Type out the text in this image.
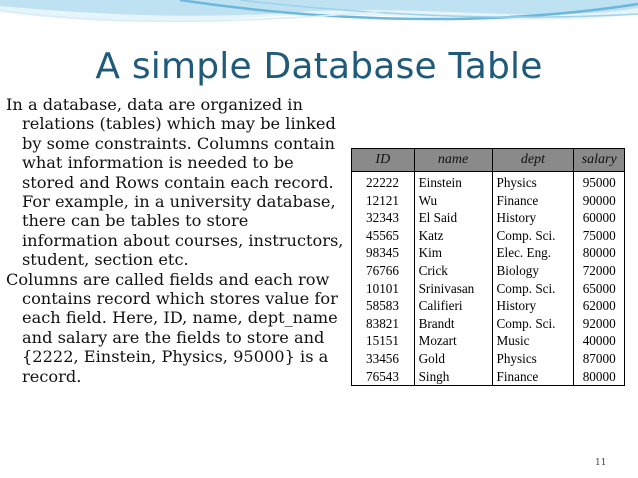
A simple Database Table

In a database, data are organized in relations (tables) which may be linked by some constraints. Columns contain what information is needed to be stored and Rows contain each record. For example, in a university database, there can be tables to store information about courses, instructors, student, section etc.

Columns are called fields and each row contains record which stores value for each field. Here, ID, name, dept_name and salary are the fields to store and {2222, Einstein, Physics, 95000} is a record.

ID	name	dept	salary
22222	Einstein	Physics	95000
12121	Wu	Finance	90000
32343	El Said	History	60000
45565	Katz	Comp. Sci.	75000
98345	Kim	Elec. Eng.	80000
76766	Crick	Biology	72000
10101	Srinivasan	Comp. Sci.	65000
58583	Califieri	History	62000
83821	Brandt	Comp. Sci.	92000
15151	Mozart	Music	40000
33456	Gold	Physics	87000
76543	Singh	Finance	80000
11
